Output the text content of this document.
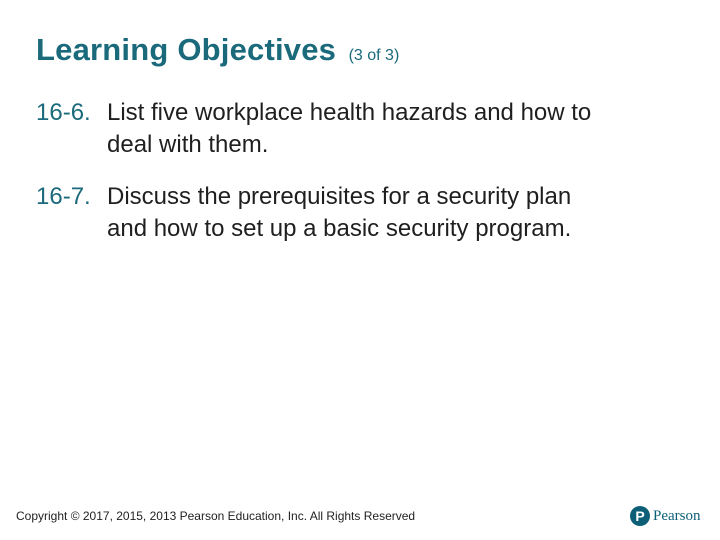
Learning Objectives (3 of 3)
16-6. List five workplace health hazards and how to
deal with them.
16-7. Discuss the prerequisites for a security plan
and how to set up a basic security program.
Copyright © 2017, 2015, 2013 Pearson Education, Inc. All Rights Reserved	P Pearson
